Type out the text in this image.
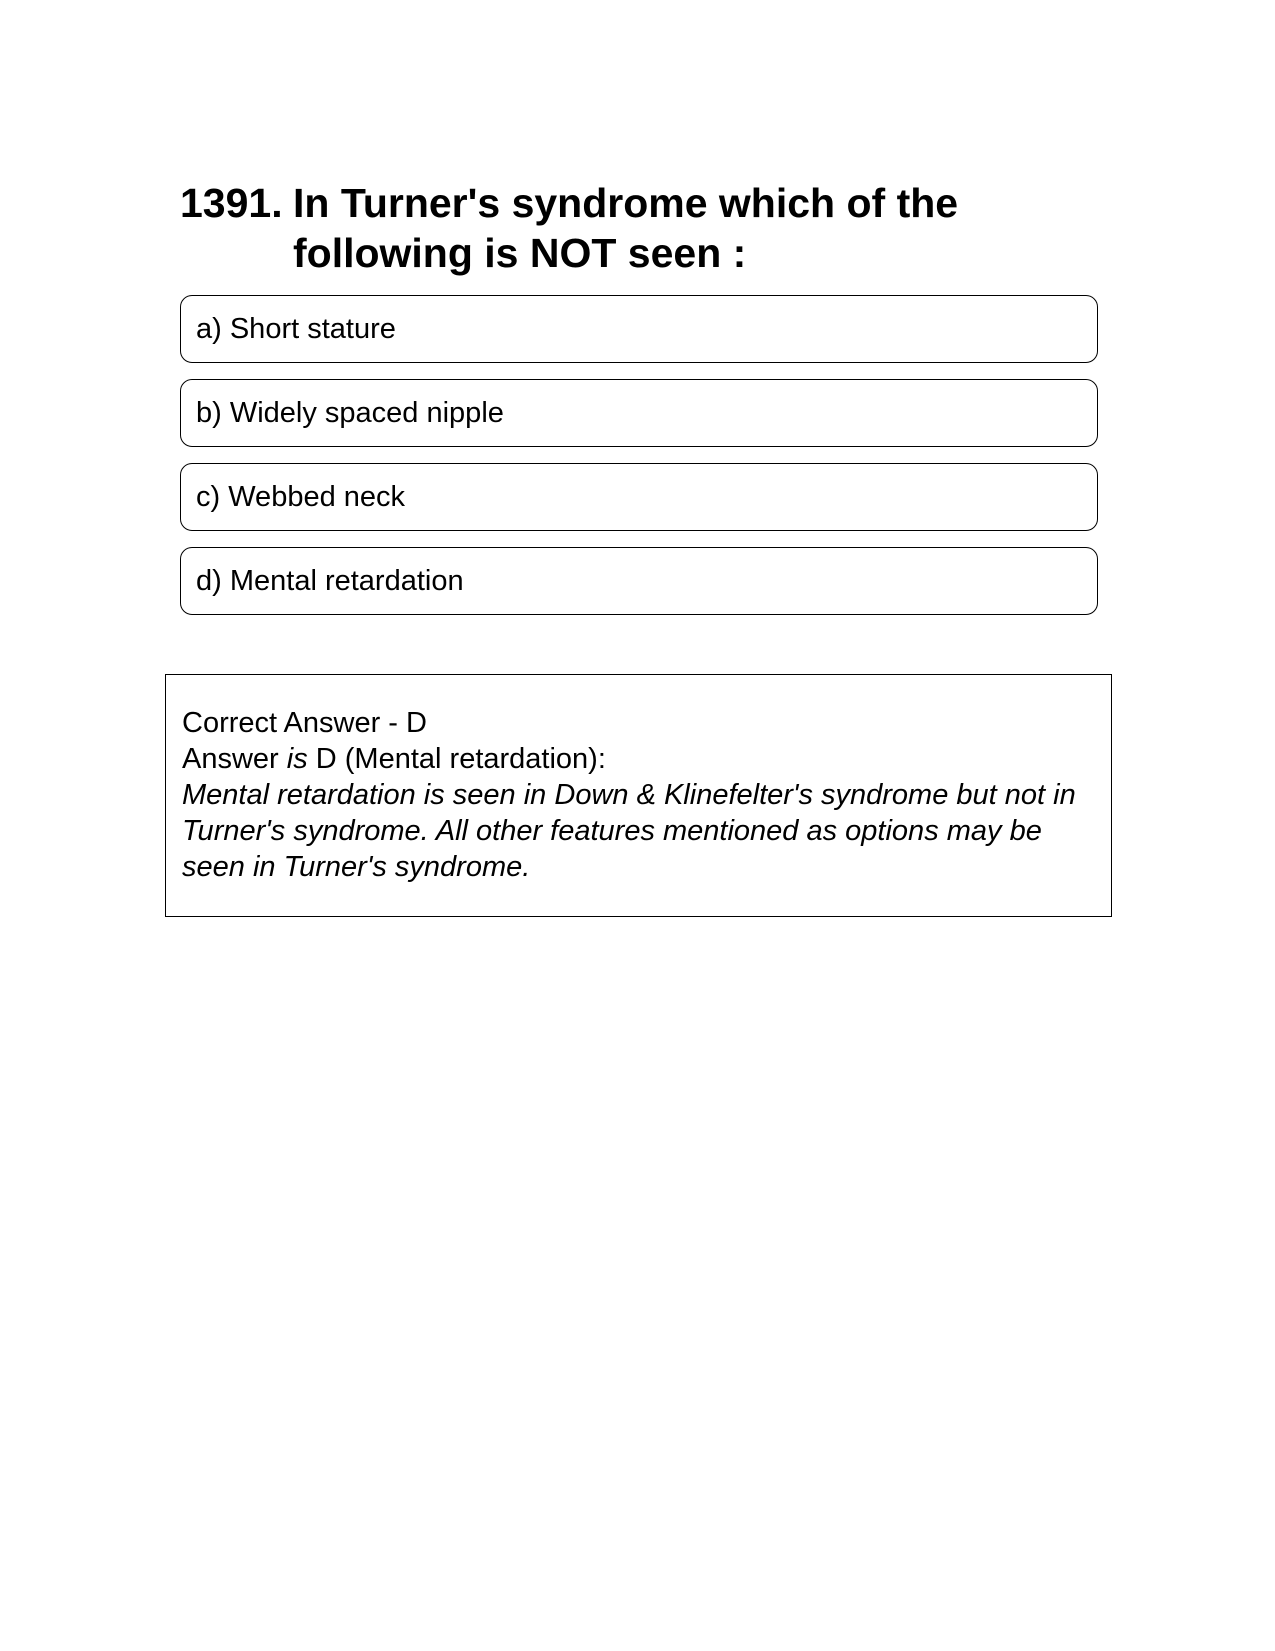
1391. In Turner's syndrome which of the following is NOT seen :
a) Short stature
b) Widely spaced nipple
c) Webbed neck
d) Mental retardation

Correct Answer - D

Answer is D (Mental retardation):

Mental retardation is seen in Down & Klinefelter's syndrome but not in Turner's syndrome. All other features mentioned as options may be seen in Turner's syndrome.
